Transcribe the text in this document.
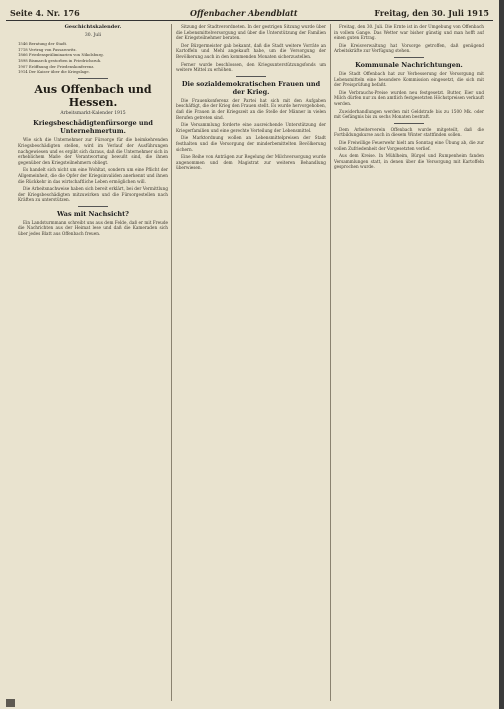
Seite 4. Nr. 176	Offenbacher Abendblatt	Freitag, den 30. Juli 1915
Geschichtskalender.
30. Juli
1546 Beratung der Stadt.
1718 Vertrag von Passarowitz.
1866 Friedenspräliminarien von Nikolsburg.
1898 Bismarck gestorben in Friedrichsruh.
1907 Eröffnung der Friedenskonferenz.
1914 Der Kaiser über die Kriegslage.
Aus Offenbach und Hessen.
Arbeitsmarkt-Kalender 1915
Kriegsbeschädigtenfürsorge und Unternehmertum.

Wie sich die Unternehmer zur Fürsorge für die heimkehrenden Kriegsbeschädigten stellen, wird im Verlauf der Ausführungen nachgewiesen und es ergibt sich daraus, daß die Unternehmer sich in erheblichem Maße der Verantwortung bewußt sind, die ihnen gegenüber den Kriegsteilnehmern obliegt.

Es handelt sich nicht um eine Wohltat, sondern um eine Pflicht der Allgemeinheit, die die Opfer der Kriegsinvaliden anerkennt und ihnen die Rückkehr in das wirtschaftliche Leben ermöglichen will.

Die Arbeitsnachweise haben sich bereit erklärt, bei der Vermittlung der Kriegsbeschädigten mitzuwirken und die Fürsorgestellen nach Kräften zu unterstützen.

Was mit Nachsicht?

Ein Landsturmmann schreibt uns aus dem Felde, daß er mit Freude die Nachrichten aus der Heimat lese und daß die Kameraden sich über jedes Blatt aus Offenbach freuen.

Sitzung der Stadtverordneten. In der gestrigen Sitzung wurde über die Lebensmittelversorgung und über die Unterstützung der Familien der Kriegsteilnehmer beraten.

Der Bürgermeister gab bekannt, daß die Stadt weitere Vorräte an Kartoffeln und Mehl angekauft habe, um die Versorgung der Bevölkerung auch in den kommenden Monaten sicherzustellen.

Ferner wurde beschlossen, den Kriegsunterstützungsfonds um weitere Mittel zu erhöhen.

Die sozialdemokratischen Frauen und der Krieg.

Die Frauenkonferenz der Partei hat sich mit den Aufgaben beschäftigt, die der Krieg den Frauen stellt. Es wurde hervorgehoben, daß die Frauen in der Kriegszeit an die Stelle der Männer in vielen Berufen getreten sind.

Die Versammlung forderte eine ausreichende Unterstützung der Kriegerfamilien und eine gerechte Verteilung der Lebensmittel.

Die Marktordnung wollen an Lebensmittelpreisen der Stadt festhalten und die Versorgung der minderbemittelten Bevölkerung sichern.

Eine Reihe von Anträgen zur Regelung der Milchversorgung wurde angenommen und dem Magistrat zur weiteren Behandlung überwiesen.

Freitag, den 30. Juli. Die Ernte ist in der Umgebung von Offenbach in vollem Gange. Das Wetter war bisher günstig und man hofft auf einen guten Ertrag.

Die Kreisverwaltung hat Vorsorge getroffen, daß genügend Arbeitskräfte zur Verfügung stehen.

Kommunale Nachrichtungen.

Die Stadt Offenbach hat zur Verbesserung der Versorgung mit Lebensmitteln eine besondere Kommission eingesetzt, die sich mit der Preisprüfung befaßt.

Die Verbrauchs-Preise wurden neu festgesetzt. Butter, Eier und Milch dürfen nur zu den amtlich festgesetzten Höchstpreisen verkauft werden.

Zuwiderhandlungen werden mit Geldstrafe bis zu 1500 Mk. oder mit Gefängnis bis zu sechs Monaten bestraft.

Dem Arbeiterverein Offenbach wurde mitgeteilt, daß die Fortbildungskurse auch in diesem Winter stattfinden sollen.

Die Freiwillige Feuerwehr hielt am Sonntag eine Übung ab, die zur vollen Zufriedenheit der Vorgesetzten verlief.

Aus dem Kreise. In Mühlheim, Bürgel und Rumpenheim fanden Versammlungen statt, in denen über die Versorgung mit Kartoffeln gesprochen wurde.
